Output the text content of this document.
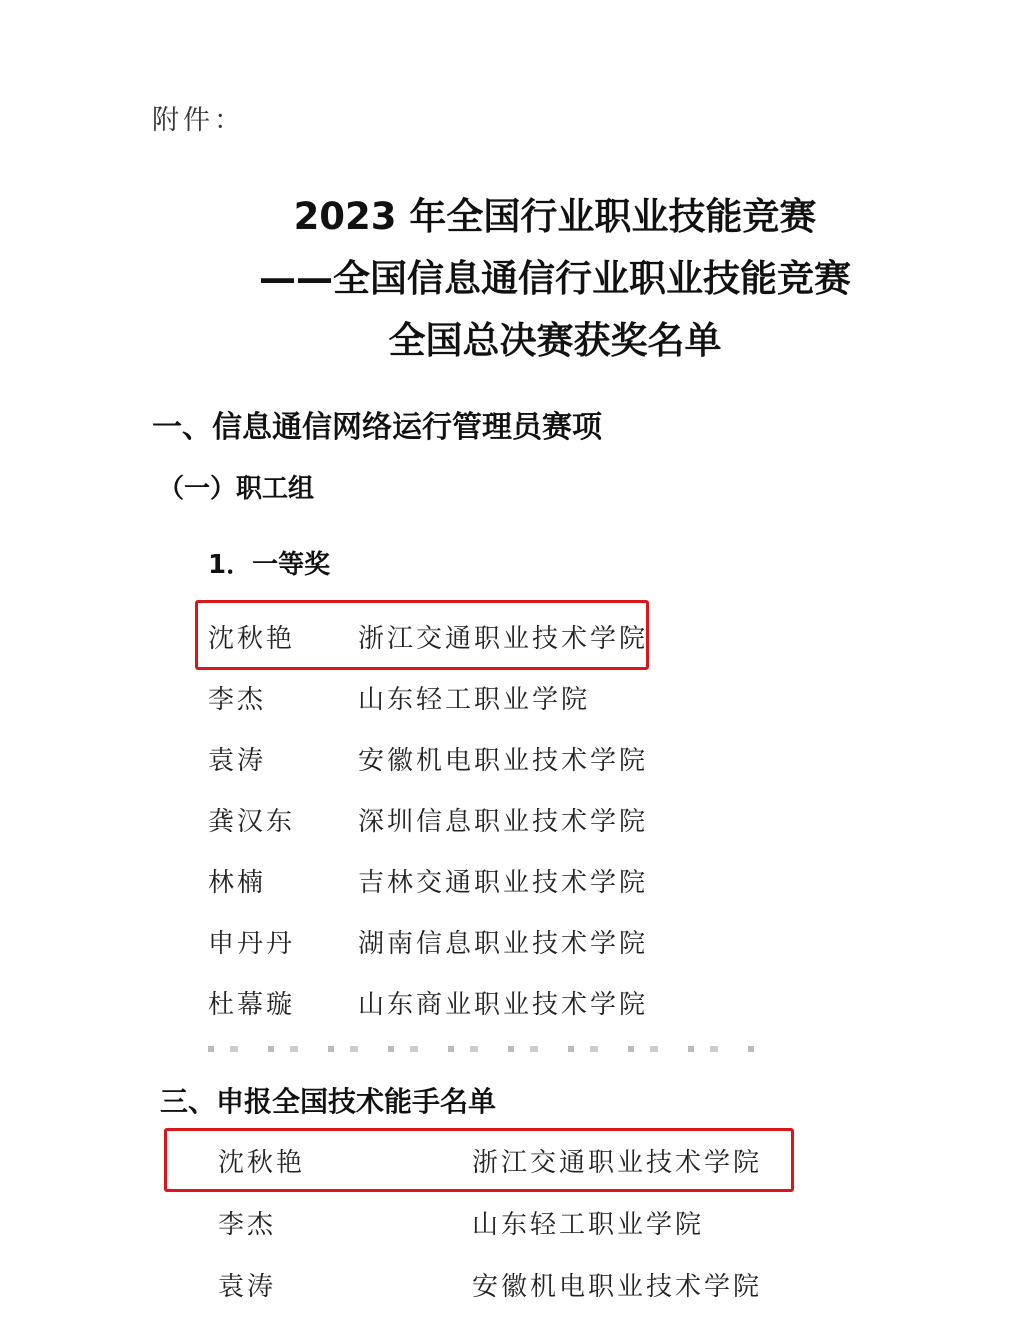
附件：
2023 年全国行业职业技能竞赛
——全国信息通信行业职业技能竞赛
全国总决赛获奖名单
一、信息通信网络运行管理员赛项
（一）职工组
1．一等奖
沈秋艳 浙江交通职业技术学院
李杰	山东轻工职业学院
袁涛	安徽机电职业技术学院
龚汉东 深圳信息职业技术学院
林楠	吉林交通职业技术学院
申丹丹 湖南信息职业技术学院
杜幕璇 山东商业职业技术学院
三、申报全国技术能手名单
沈秋艳	浙江交通职业技术学院
李杰	山东轻工职业学院
袁涛	安徽机电职业技术学院
